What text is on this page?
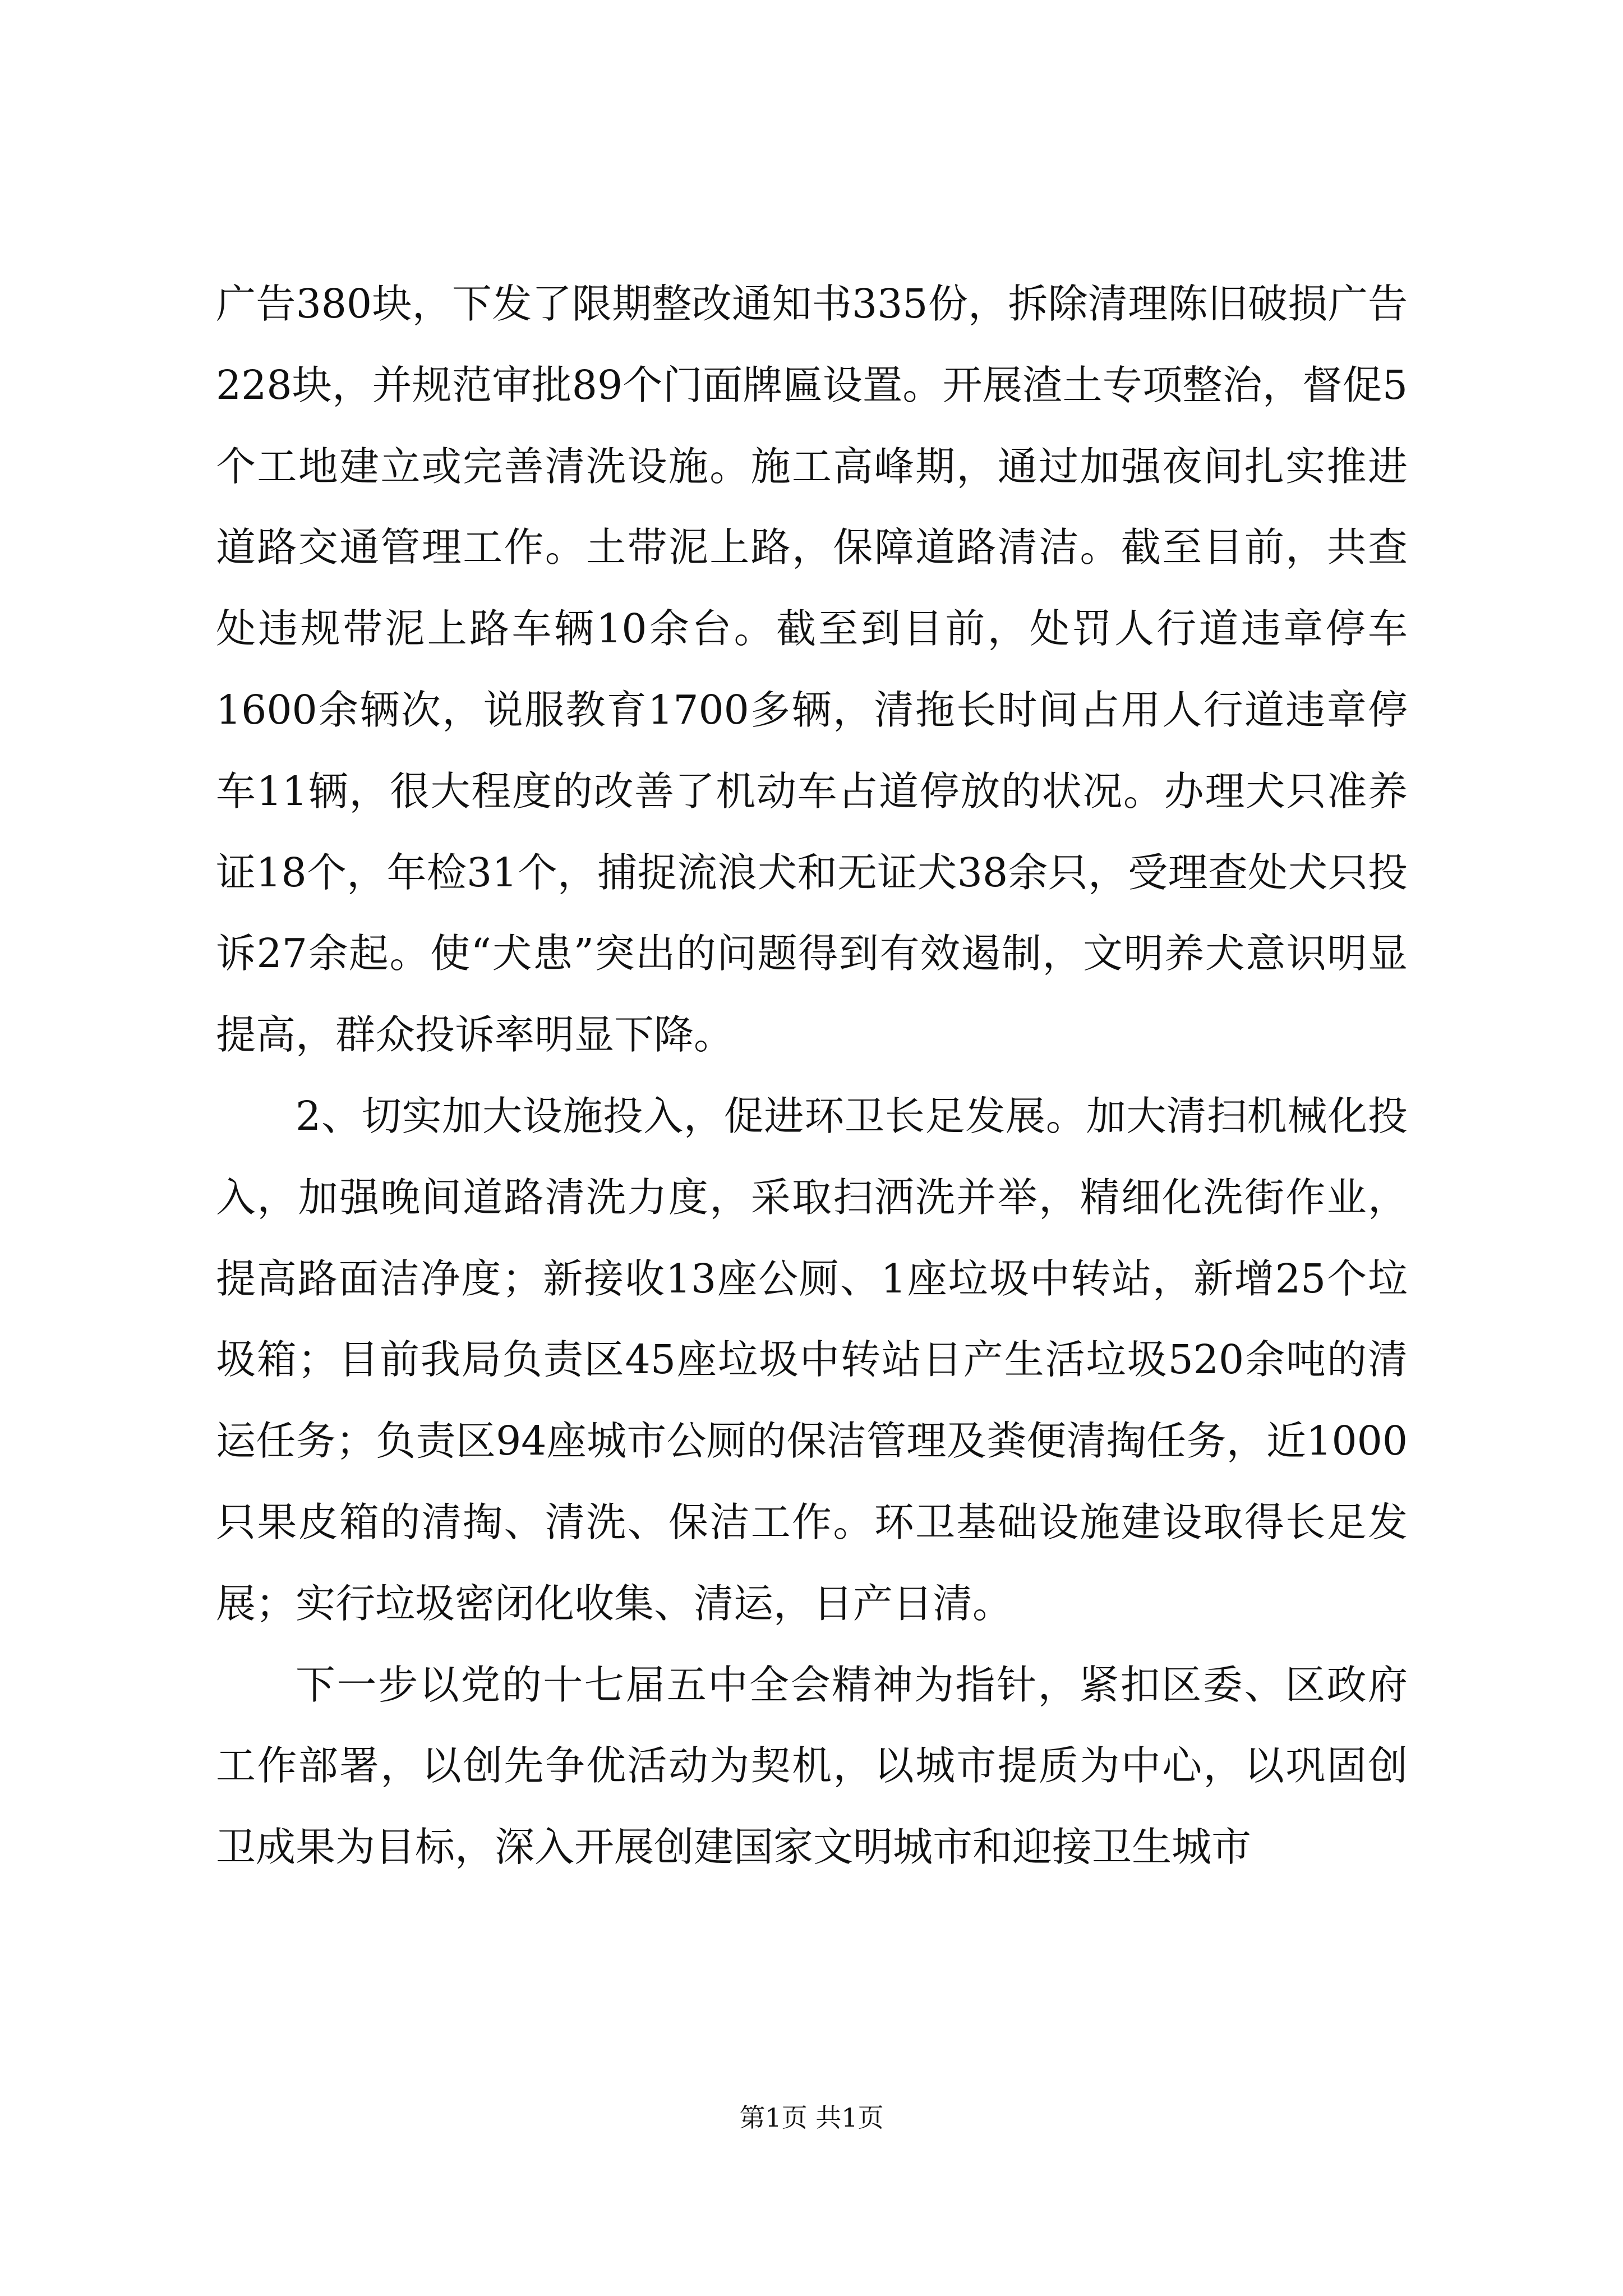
广告380块，下发了限期整改通知书335份，拆除清理陈旧破损广告228块，并规范审批89个门面牌匾设置。开展渣土专项整治，督促5个工地建立或完善清洗设施。施工高峰期，通过加强夜间扎实推进道路交通管理工作。土带泥上路，保障道路清洁。截至目前，共查处违规带泥上路车辆10余台。截至到目前，处罚人行道违章停车1600余辆次，说服教育1700多辆，清拖长时间占用人行道违章停车11辆，很大程度的改善了机动车占道停放的状况。办理犬只准养证18个，年检31个，捕捉流浪犬和无证犬38余只，受理查处犬只投诉27余起。使“犬患”突出的问题得到有效遏制，文明养犬意识明显提高，群众投诉率明显下降。

2、切实加大设施投入，促进环卫长足发展。加大清扫机械化投入，加强晚间道路清洗力度，采取扫洒洗并举，精细化洗街作业，提高路面洁净度；新接收13座公厕、1座垃圾中转站，新增25个垃圾箱；目前我局负责区45座垃圾中转站日产生活垃圾520余吨的清运任务；负责区94座城市公厕的保洁管理及粪便清掏任务，近1000只果皮箱的清掏、清洗、保洁工作。环卫基础设施建设取得长足发展；实行垃圾密闭化收集、清运，日产日清。

下一步以党的十七届五中全会精神为指针，紧扣区委、区政府工作部署，以创先争优活动为契机，以城市提质为中心，以巩固创卫成果为目标，深入开展创建国家文明城市和迎接卫生城市

第1页 共1页
